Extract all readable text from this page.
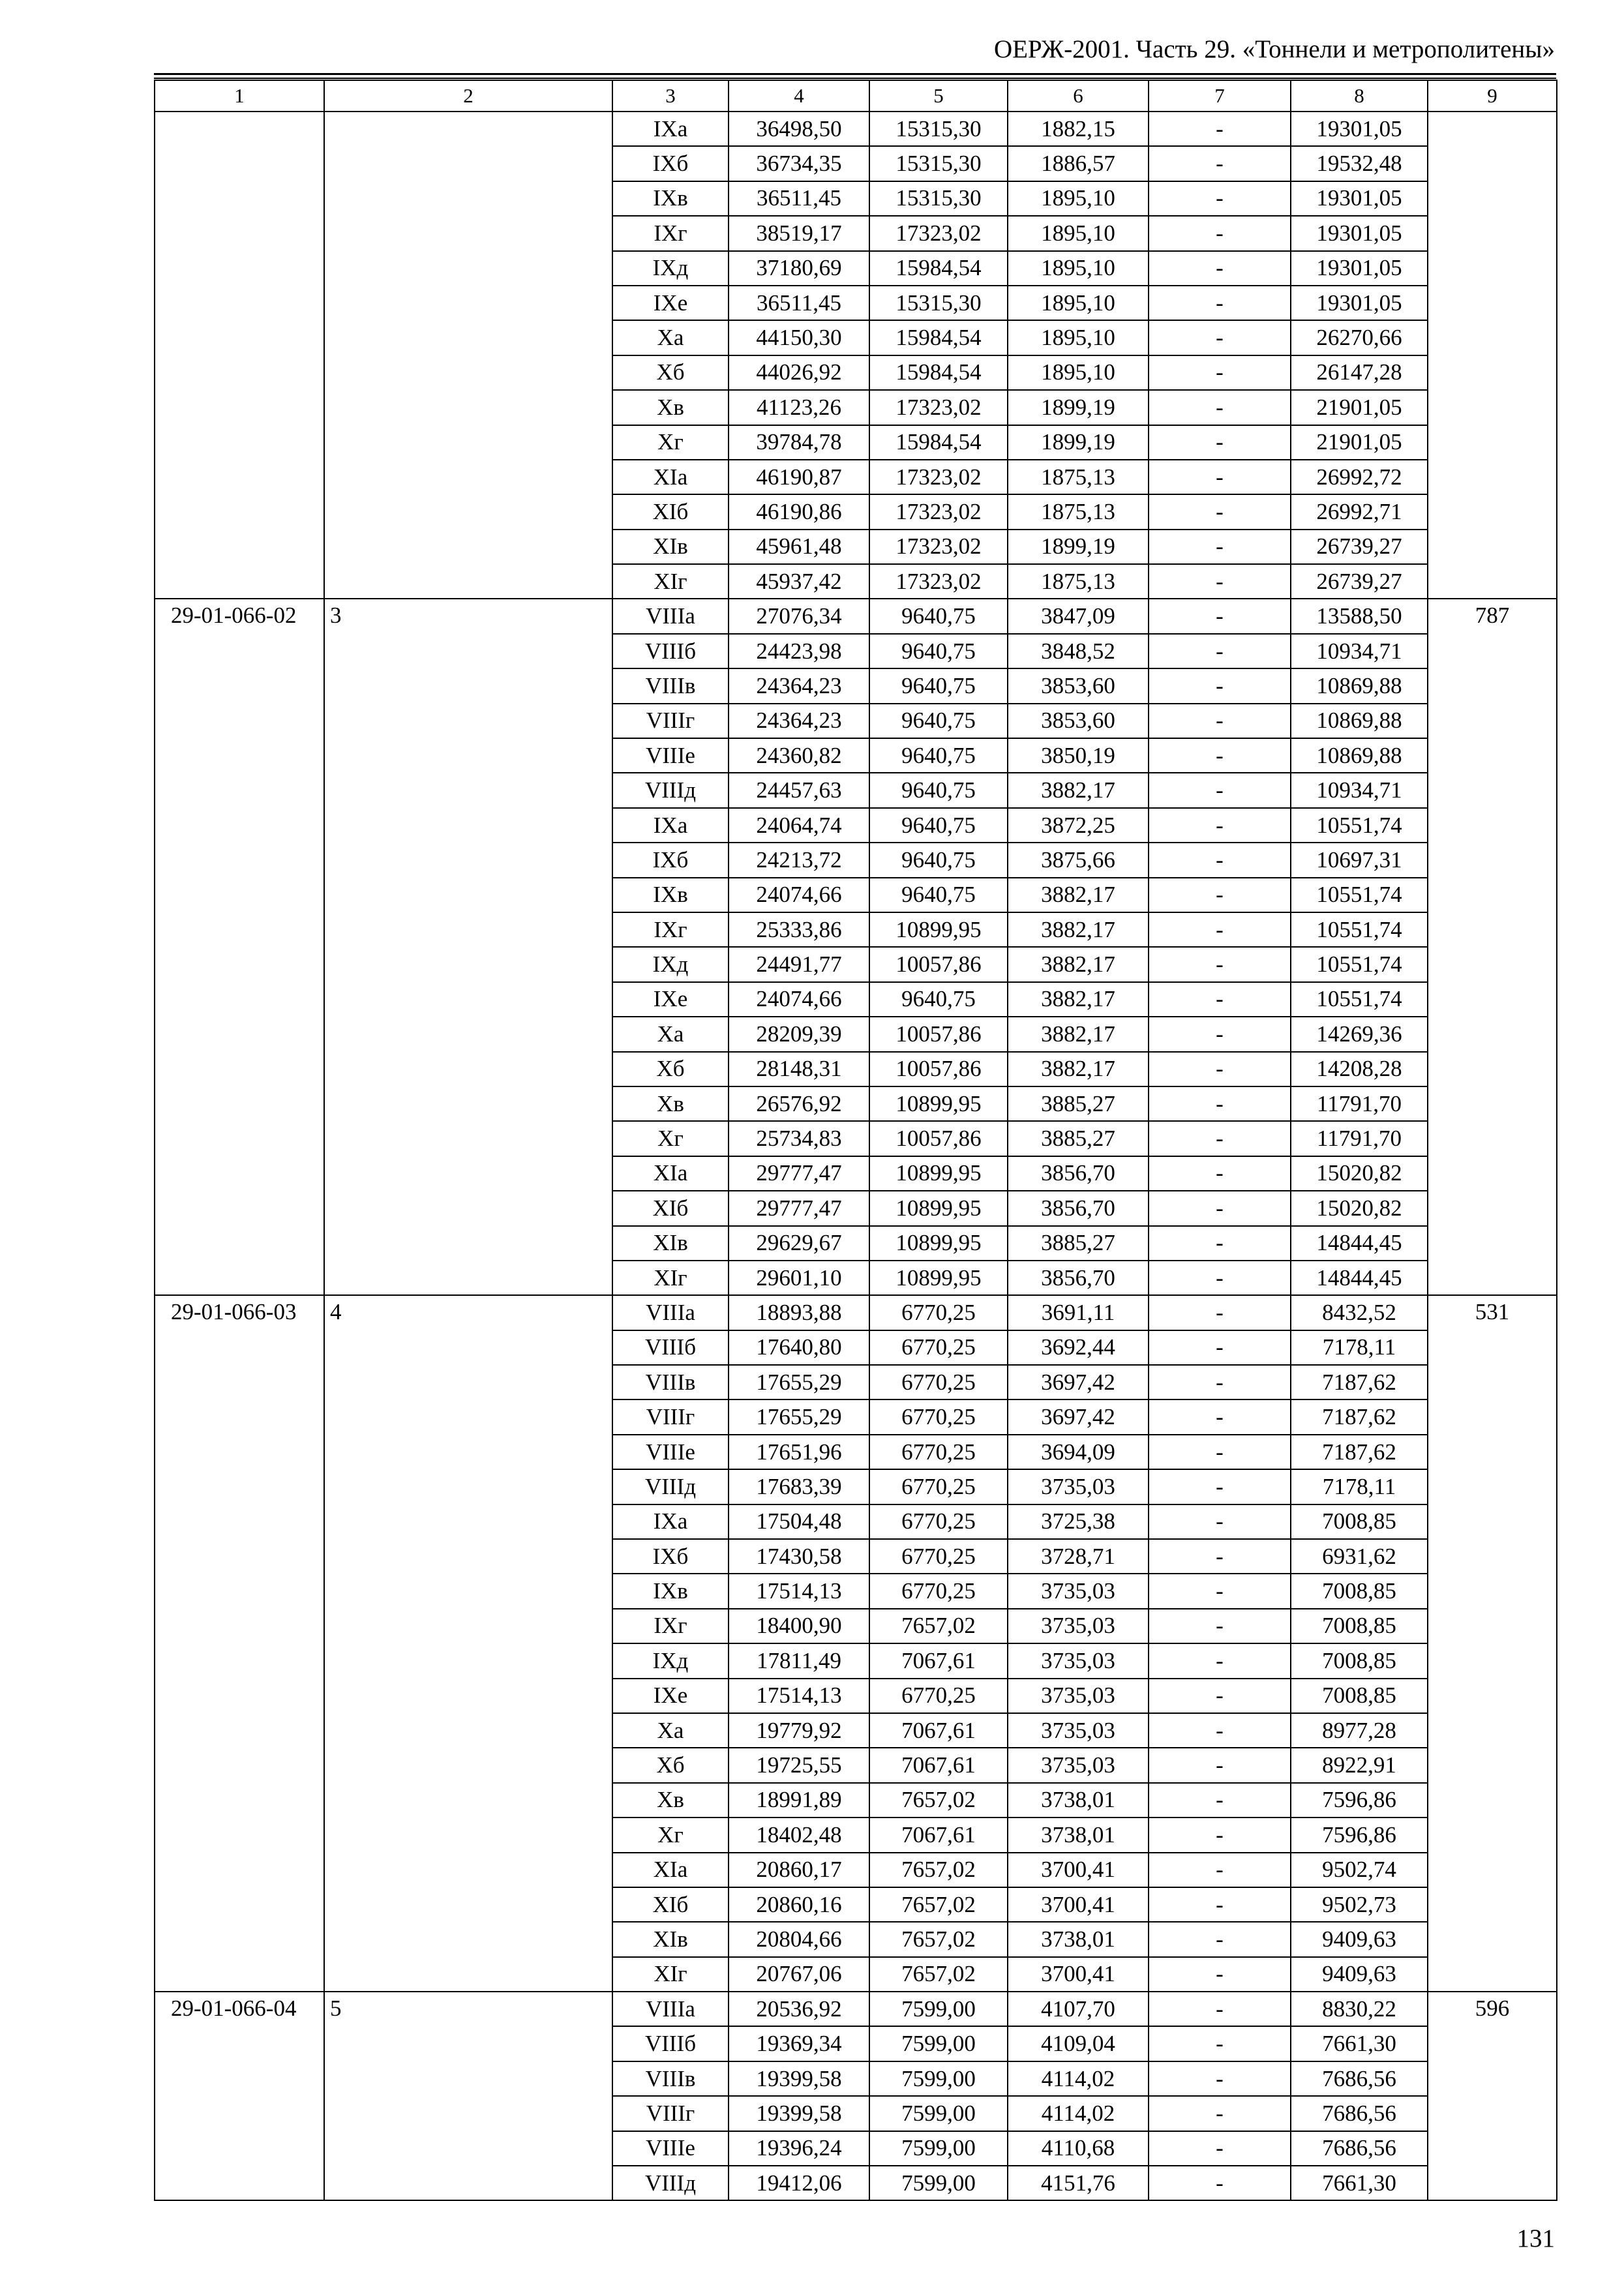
ОЕРЖ-2001. Часть 29. «Тоннели и метрополитены»
1	2	3	4	5	6	7	8	9
		IXa	36498,50	15315,30	1882,15	-	19301,05	
		IXб	36734,35	15315,30	1886,57	-	19532,48	
		IXв	36511,45	15315,30	1895,10	-	19301,05	
		IXг	38519,17	17323,02	1895,10	-	19301,05	
		IXд	37180,69	15984,54	1895,10	-	19301,05	
		IXе	36511,45	15315,30	1895,10	-	19301,05	
		Xa	44150,30	15984,54	1895,10	-	26270,66	
		Xб	44026,92	15984,54	1895,10	-	26147,28	
		Xв	41123,26	17323,02	1899,19	-	21901,05	
		Xг	39784,78	15984,54	1899,19	-	21901,05	
		XIa	46190,87	17323,02	1875,13	-	26992,72	
		XIб	46190,86	17323,02	1875,13	-	26992,71	
		XIв	45961,48	17323,02	1899,19	-	26739,27	
		XIг	45937,42	17323,02	1875,13	-	26739,27	
29-01-066-02	3	VIIIa	27076,34	9640,75	3847,09	-	13588,50	787
		VIIIб	24423,98	9640,75	3848,52	-	10934,71	
		VIIIв	24364,23	9640,75	3853,60	-	10869,88	
		VIIIг	24364,23	9640,75	3853,60	-	10869,88	
		VIIIе	24360,82	9640,75	3850,19	-	10869,88	
		VIIIд	24457,63	9640,75	3882,17	-	10934,71	
		IXa	24064,74	9640,75	3872,25	-	10551,74	
		IXб	24213,72	9640,75	3875,66	-	10697,31	
		IXв	24074,66	9640,75	3882,17	-	10551,74	
		IXг	25333,86	10899,95	3882,17	-	10551,74	
		IXд	24491,77	10057,86	3882,17	-	10551,74	
		IXе	24074,66	9640,75	3882,17	-	10551,74	
		Xa	28209,39	10057,86	3882,17	-	14269,36	
		Xб	28148,31	10057,86	3882,17	-	14208,28	
		Xв	26576,92	10899,95	3885,27	-	11791,70	
		Xг	25734,83	10057,86	3885,27	-	11791,70	
		XIa	29777,47	10899,95	3856,70	-	15020,82	
		XIб	29777,47	10899,95	3856,70	-	15020,82	
		XIв	29629,67	10899,95	3885,27	-	14844,45	
		XIг	29601,10	10899,95	3856,70	-	14844,45	
29-01-066-03	4	VIIIa	18893,88	6770,25	3691,11	-	8432,52	531
		VIIIб	17640,80	6770,25	3692,44	-	7178,11	
		VIIIв	17655,29	6770,25	3697,42	-	7187,62	
		VIIIг	17655,29	6770,25	3697,42	-	7187,62	
		VIIIе	17651,96	6770,25	3694,09	-	7187,62	
		VIIIд	17683,39	6770,25	3735,03	-	7178,11	
		IXa	17504,48	6770,25	3725,38	-	7008,85	
		IXб	17430,58	6770,25	3728,71	-	6931,62	
		IXв	17514,13	6770,25	3735,03	-	7008,85	
		IXг	18400,90	7657,02	3735,03	-	7008,85	
		IXд	17811,49	7067,61	3735,03	-	7008,85	
		IXе	17514,13	6770,25	3735,03	-	7008,85	
		Xa	19779,92	7067,61	3735,03	-	8977,28	
		Xб	19725,55	7067,61	3735,03	-	8922,91	
		Xв	18991,89	7657,02	3738,01	-	7596,86	
		Xг	18402,48	7067,61	3738,01	-	7596,86	
		XIa	20860,17	7657,02	3700,41	-	9502,74	
		XIб	20860,16	7657,02	3700,41	-	9502,73	
		XIв	20804,66	7657,02	3738,01	-	9409,63	
		XIг	20767,06	7657,02	3700,41	-	9409,63	
29-01-066-04	5	VIIIa	20536,92	7599,00	4107,70	-	8830,22	596
		VIIIб	19369,34	7599,00	4109,04	-	7661,30	
		VIIIв	19399,58	7599,00	4114,02	-	7686,56	
		VIIIг	19399,58	7599,00	4114,02	-	7686,56	
		VIIIе	19396,24	7599,00	4110,68	-	7686,56	
		VIIIд	19412,06	7599,00	4151,76	-	7661,30	
131
